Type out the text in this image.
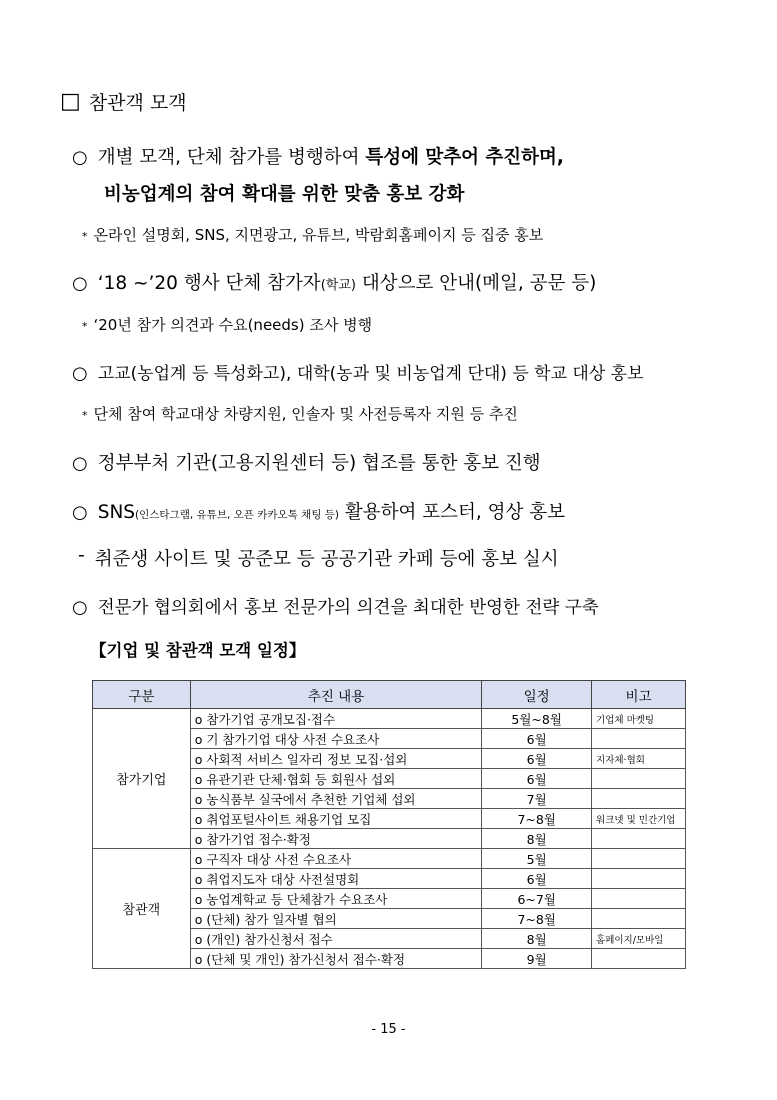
□ 참관객 모객
○ 개별 모객, 단체 참가를 병행하여 특성에 맞추어 추진하며,
비농업계의 참여 확대를 위한 맞춤 홍보 강화
* 온라인 설명회, SNS, 지면광고, 유튜브, 박람회홈페이지 등 집중 홍보
○ ‘18 ~’20 행사 단체 참가자(학교) 대상으로 안내(메일, 공문 등)
* ‘20년 참가 의견과 수요(needs) 조사 병행
○ 고교(농업계 등 특성화고), 대학(농과 및 비농업계 단대) 등 학교 대상 홍보
* 단체 참여 학교대상 차량지원, 인솔자 및 사전등록자 지원 등 추진
○ 정부부처 기관(고용지원센터 등) 협조를 통한 홍보 진행
○ SNS(인스타그램, 유튜브, 오픈 카카오톡 채팅 등) 활용하여 포스터, 영상 홍보
- 취준생 사이트 및 공준모 등 공공기관 카페 등에 홍보 실시
○ 전문가 협의회에서 홍보 전문가의 의견을 최대한 반영한 전략 구축
【기업 및 참관객 모객 일정】
구분	추진 내용	일정	비고
참가기업	o 참가기업 공개모집·접수	5월~8월	기업체 마켓팅
	o 기 참가기업 대상 사전 수요조사	6월	
	o 사회적 서비스 일자리 정보 모집·섭외	6월	지자체·협회
	o 유관기관 단체·협회 등 회원사 섭외	6월	
	o 농식품부 실국에서 추천한 기업체 섭외	7월	
	o 취업포털사이트 채용기업 모집	7~8월	워크넷 및 민간기업
	o 참가기업 접수·확정	8월	
참관객	o 구직자 대상 사전 수요조사	5월	
	o 취업지도자 대상 사전설명회	6월	
	o 농업계학교 등 단체참가 수요조사	6~7월	
	o (단체) 참가 일자별 협의	7~8월	
	o (개인) 참가신청서 접수	8월	홈페이지/모바일
	o (단체 및 개인) 참가신청서 접수·확정	9월	
- 15 -
